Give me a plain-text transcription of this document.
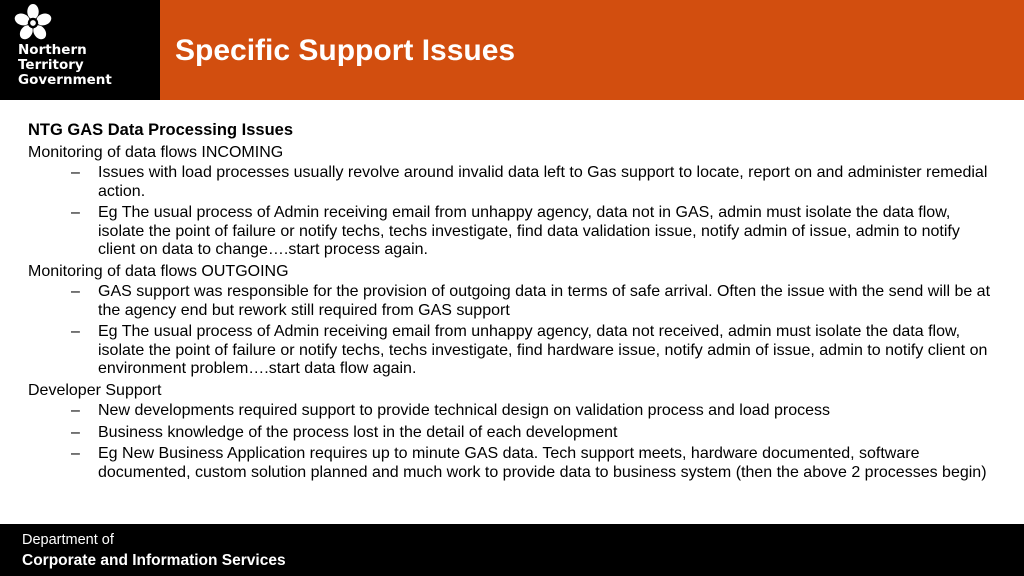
Northern
Territory
Government
Specific Support Issues
NTG GAS Data Processing Issues
Monitoring of data flows INCOMING
– Issues with load processes usually revolve around invalid data left to Gas support to locate, report on and administer remedial action.
– Eg The usual process of Admin receiving email from unhappy agency, data not in GAS, admin must isolate the data flow, isolate the point of failure or notify techs, techs investigate, find data validation issue, notify admin of issue, admin to notify client on data to change….start process again.
Monitoring of data flows OUTGOING
– GAS support was responsible for the provision of outgoing data in terms of safe arrival. Often the issue with the send will be at the agency end but rework still required from GAS support
– Eg The usual process of Admin receiving email from unhappy agency, data not received, admin must isolate the data flow, isolate the point of failure or notify techs, techs investigate, find hardware issue, notify admin of issue, admin to notify client on environment problem….start data flow again.
Developer Support
– New developments required support to provide technical design on validation process and load process
– Business knowledge of the process lost in the detail of each development
– Eg New Business Application requires up to minute GAS data. Tech support meets, hardware documented, software documented, custom solution planned and much work to provide data to business system (then the above 2 processes begin)
Department of
Corporate and Information Services
